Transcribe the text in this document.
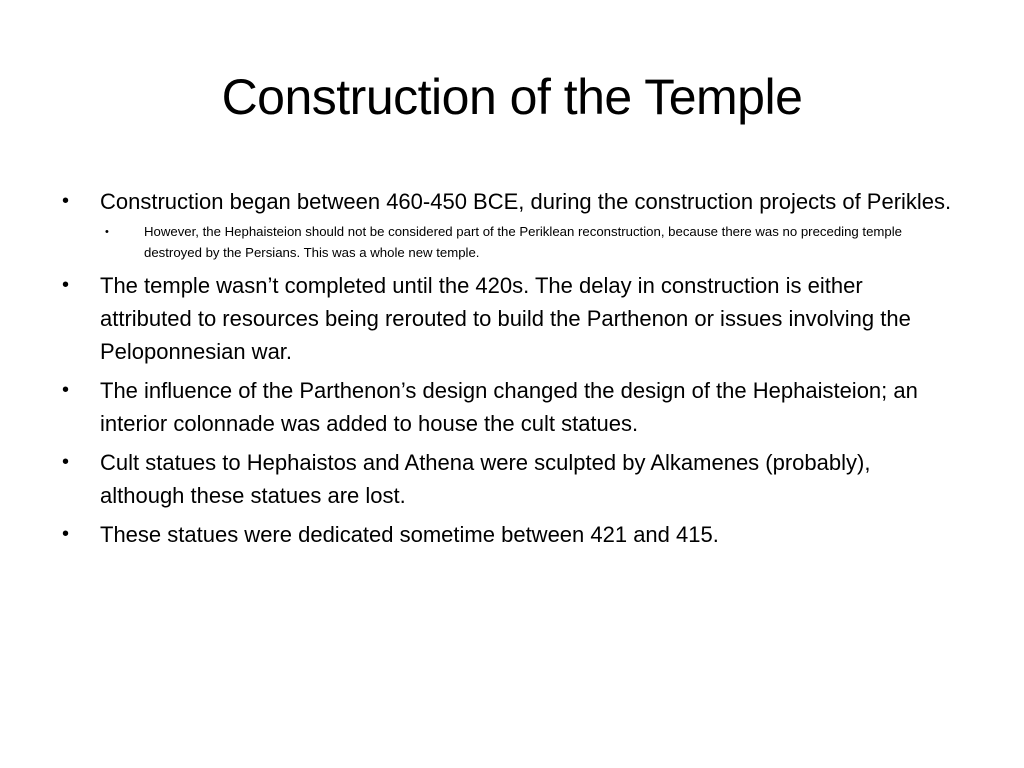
Construction of the Temple
• Construction began between 460-450 BCE, during the construction projects of Perikles.
•	However, the Hephaisteion should not be considered part of the Periklean reconstruction, because there was no preceding temple destroyed by the Persians. This was a whole new temple.
• The temple wasn’t completed until the 420s. The delay in construction is either attributed to resources being rerouted to build the Parthenon or issues involving the Peloponnesian war.
• The influence of the Parthenon’s design changed the design of the Hephaisteion; an interior colonnade was added to house the cult statues.
• Cult statues to Hephaistos and Athena were sculpted by Alkamenes (probably), although these statues are lost.
• These statues were dedicated sometime between 421 and 415.
